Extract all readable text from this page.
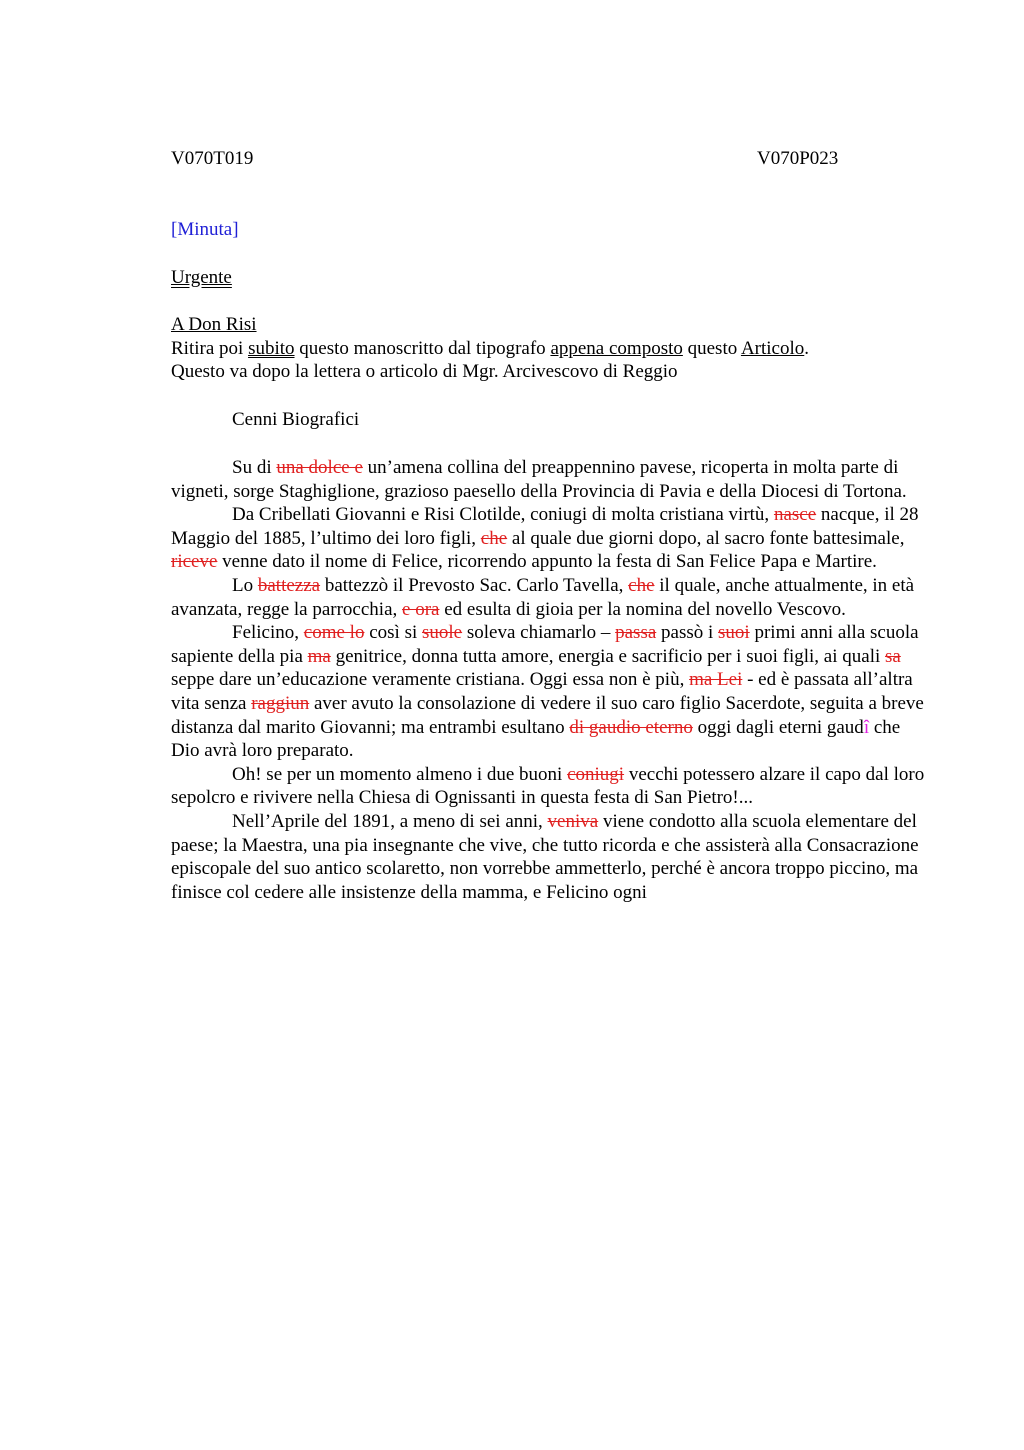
V070T019	V070P023
[Minuta]
Urgente
A Don Risi
Ritira poi subito questo manoscritto dal tipografo appena composto questo Articolo.
Questo va dopo la lettera o articolo di Mgr. Arcivescovo di Reggio
Cenni Biografici

Su di una dolce e un’amena collina del preappennino pavese, ricoperta in molta parte di vigneti, sorge Staghiglione, grazioso paesello della Provincia di Pavia e della Diocesi di Tortona.

Da Cribellati Giovanni e Risi Clotilde, coniugi di molta cristiana virtù, nasce nacque, il 28 Maggio del 1885, l’ultimo dei loro figli, che al quale due giorni dopo, al sacro fonte battesimale, riceve venne dato il nome di Felice, ricorrendo appunto la festa di San Felice Papa e Martire.

Lo battezza battezzò il Prevosto Sac. Carlo Tavella, che il quale, anche attualmente, in età avanzata, regge la parrocchia, e ora ed esulta di gioia per la nomina del novello Vescovo.

Felicino, come lo così si suole soleva chiamarlo – passa passò i suoi primi anni alla scuola sapiente della pia ma genitrice, donna tutta amore, energia e sacrificio per i suoi figli, ai quali sa seppe dare un’educazione veramente cristiana. Oggi essa non è più, ma Lei - ed è passata all’altra vita senza raggiun aver avuto la consolazione di vedere il suo caro figlio Sacerdote, seguita a breve distanza dal marito Giovanni; ma entrambi esultano di gaudio eterno oggi dagli eterni gaudî che Dio avrà loro preparato.

Oh! se per un momento almeno i due buoni coniugi vecchi potessero alzare il capo dal loro sepolcro e rivivere nella Chiesa di Ognissanti in questa festa di San Pietro!...

Nell’Aprile del 1891, a meno di sei anni, veniva viene condotto alla scuola elementare del paese; la Maestra, una pia insegnante che vive, che tutto ricorda e che assisterà alla Consacrazione episcopale del suo antico scolaretto, non vorrebbe ammetterlo, perché è ancora troppo piccino, ma finisce col cedere alle insistenze della mamma, e Felicino ogni
